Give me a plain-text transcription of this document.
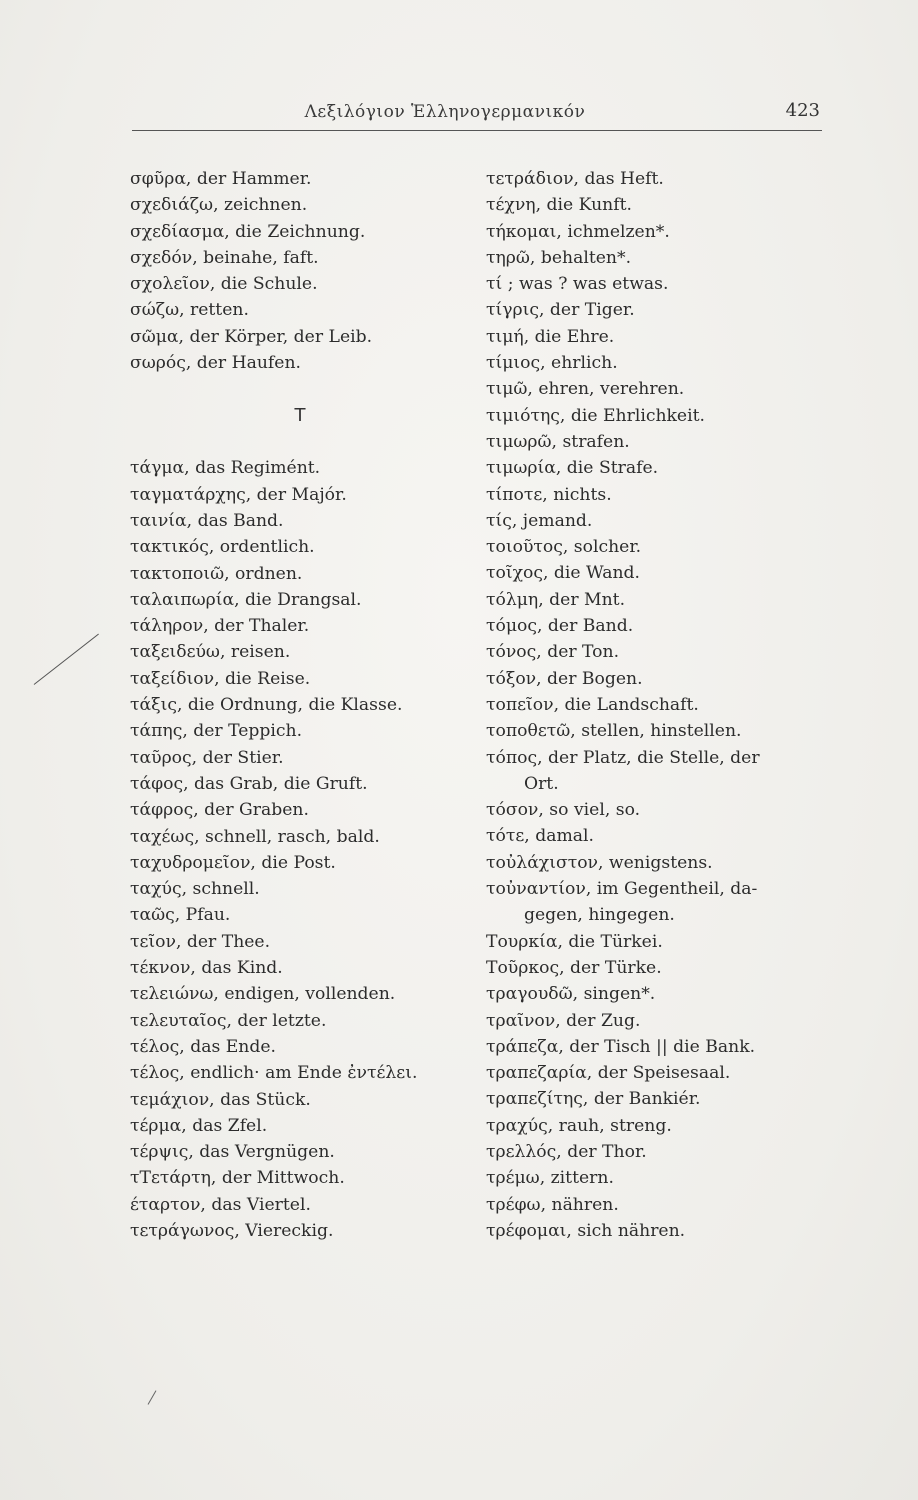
Λεξιλόγιον Ἑλληνογερμανικόν	423
σφῦρα, der Hammer.
σχεδιάζω, zeichnen.
σχεδίασμα, die Zeichnung.
σχεδόν, beinahe, faft.
σχολεῖον, die Schule.
σώζω, retten.
σῶμα, der Körper, der Leib.
σωρός, der Haufen.
Τ
τάγμα, das Regimént.
ταγματάρχης, der Majór.
ταινία, das Band.
τακτικός, ordentlich.
τακτοποιῶ, ordnen.
ταλαιπωρία, die Drangsal.
τάληρον, der Thaler.
ταξειδεύω, reisen.
ταξείδιον, die Reise.
τάξις, die Ordnung, die Klasse.
τάπης, der Teppich.
ταῦρος, der Stier.
τάφος, das Grab, die Gruft.
τάφρος, der Graben.
ταχέως, schnell, rasch, bald.
ταχυδρομεῖον, die Post.
ταχύς, schnell.
ταῶς, Pfau.
τεῖον, der Thee.
τέκνον, das Kind.
τελειώνω, endigen, vollenden.
τελευταῖος, der letzte.
τέλος, das Ende.
τέλος, endlich· am Ende ἐντέλει.
τεμάχιον, das Stück.
τέρμα, das Zfel.
τέρψις, das Vergnügen.
τΤετάρτη, der Mittwoch.
έταρτον, das Viertel.
τετράγωνος, Viereckig.
τετράδιον, das Heft.
τέχνη, die Kunft.
τήκομαι, ichmelzen*.
τηρῶ, behalten*.
τί ; was ? was etwas.
τίγρις, der Tiger.
τιμή, die Ehre.
τίμιος, ehrlich.
τιμῶ, ehren, verehren.
τιμιότης, die Ehrlichkeit.
τιμωρῶ, strafen.
τιμωρία, die Strafe.
τίποτε, nichts.
τίς, jemand.
τοιοῦτος, solcher.
τοῖχος, die Wand.
τόλμη, der Mnt.
τόμος, der Band.
τόνος, der Ton.
τόξον, der Bogen.
τοπεῖον, die Landschaft.
τοποθετῶ, stellen, hinstellen.
τόπος, der Platz, die Stelle, der
Ort.
τόσον, so viel, so.
τότε, damal.
τοὐλάχιστον, wenigstens.
τοὐναντίον, im Gegentheil, da-
gegen, hingegen.
Τουρκία, die Türkei.
Τοῦρκος, der Türke.
τραγουδῶ, singen*.
τραῖνον, der Zug.
τράπεζα, der Tisch || die Bank.
τραπεζαρία, der Speisesaal.
τραπεζίτης, der Bankiér.
τραχύς, rauh, streng.
τρελλός, der Thor.
τρέμω, zittern.
τρέφω, nähren.
τρέφομαι, sich nähren.
